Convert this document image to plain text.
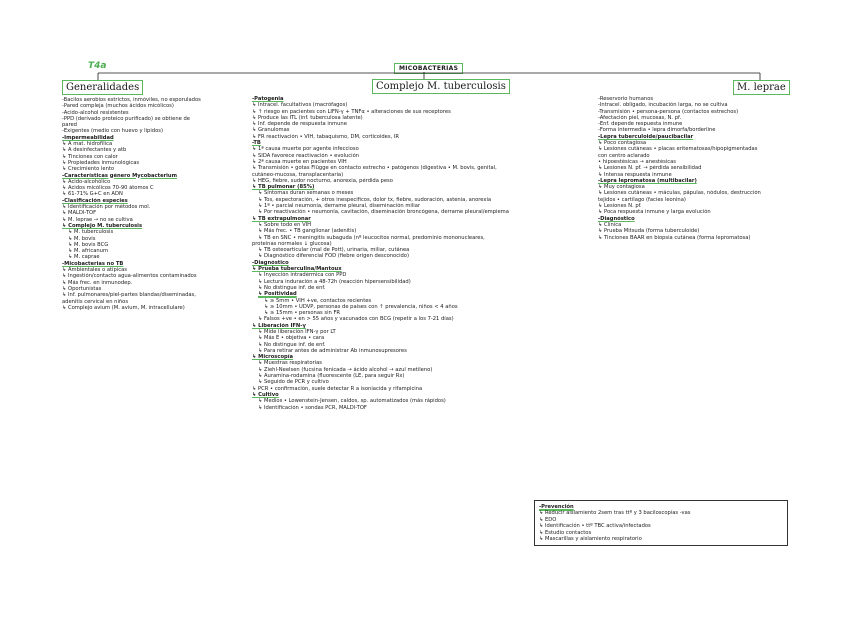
T4a	MICOBACTERIAS
Generalidades	Complejo M. tuberculosis	M. leprae
-Bacilos aerobios estrictos, inmóviles, no esporulados
-Pared compleja (muchos ácidos micólicos)
-Ácido-alcohol resistentes
-PPD (derivado proteico purificado) se obtiene de
pared
-Exigentes (medio con huevo y lípidos)
-Impermeabilidad
↳ A mat. hidrofílica
↳ A desinfectantes y atb
↳ Tinciones con calor
↳ Propiedades inmunológicas
↳ Crecimiento lento
-Características género Mycobacterium
↳ Ácido-alcohólico
↳ Ácidos micólicos 70-90 átomos C
↳ 61-71% G+C en ADN
-Clasificación especies
↳ Identificación por métodos mol.
↳ MALDI-TOF
↳ M. leprae → no se cultiva
↳ Complejo M. tuberculosis
↳ M. tuberculosis
↳ M. bovis
↳ M. bovis BCG
↳ M. africanum
↳ M. caprae
-Micobacterias no TB
↳ Ambientales o atípicas
↳ Ingestión/contacto agua-alimentos contaminados
↳ Más frec. en inmunodep.
↳ Oportunistas
↳ Inf. pulmonares/piel-partes blandas/diseminadas,
adenitis cervical en niños
↳ Complejo avium (M. avium, M. intracellulare)
-Patogenia
↳ Intracel. facultativos (macrófagos)
↳ ↑ riesgo en pacientes con LIFN-γ + TNFα • alteraciones de sus receptores
↳ Produce las ITL (inf. tuberculosa latente)
↳ Inf. depende de respuesta inmune
↳ Granulomas
↳ FR reactivación • VIH, tabaquismo, DM, corticoides, IR
-TB
↳ 1ª causa muerte por agente infeccioso
↳ SIDA favorece reactivación • evolución
↳ 2ª causa muerte en pacientes VIH
↳ Transmisión • gotas Flügge en contacto estrecho • patógenos (digestiva • M. bovis, genital,
cutáneo-mucosa, transplacentaria)
↳ HEG, fiebre, sudor nocturno, anorexia, pérdida peso
↳ TB pulmonar (85%)
↳ Síntomas duran semanas o meses
↳ Tos, expectoración, + otros inespecíficos, dolor tx, fiebre, sudoración, astenia, anorexia
↳ 1ª • parcial neumonía, derrame pleural, diseminación miliar
↳ Por reactivación • neumonía, cavitación, diseminación broncógena, derrame pleural/empiema
↳ TB extrapulmonar
↳ Sobre todo en VIH
↳ Más frec. • TB ganglionar (adenitis)
↳ TB en SNC • meningitis subaguda (nº leucocitos normal, predominio mononucleares,
proteínas normales ↓ glucosa)
↳ TB osteoarticular (mal de Pott), urinaria, miliar, cutánea
↳ Diagnóstico diferencial FOD (fiebre origen desconocido)
-Diagnóstico
↳ Prueba tuberculina/Mantoux
↳ Inyección intradérmica con PPD
↳ Lectura induración a 48-72h (reacción hipersensibilidad)
↳ No distingue inf. de enf.
↳ Positividad
↳ ≥ 5mm • VIH +ve, contactos recientes
↳ ≥ 10mm • UDVP, personas de países con ↑ prevalencia, niños < 4 años
↳ ≥ 15mm • personas sin FR
↳ Falsos +ve • en > 55 años y vacunados con BCG (repetir a los 7-21 días)
↳ Liberación IFN-γ
↳ Mide liberación IFN-γ por LT
↳ Más E • objetiva • cara
↳ No distingue inf. de enf.
↳ Para retirar antes de administrar Ab inmunosupresores
↳ Microscopía
↳ Muestras respiratorias
↳ Ziehl-Neelsen (fucsina fenicada → ácido alcohol → azul metileno)
↳ Auramina-rodamina (fluorescente (LE, para seguir Rx)
↳ Seguido de PCR y cultivo
↳ PCR • confirmación, suele detectar R a isoniacida y rifampicina
↳ Cultivo
↳ Medios • Lowenstein-Jensen, caldos, sp. automatizados (más rápidos)
↳ Identificación • sondas PCR, MALDI-TOF
-Reservorio humanos
-Intracel. obligado, incubación larga, no se cultiva
-Transmisión • persona-persona (contactos estrechos)
-Afectación piel, mucosas, N. pf.
-Enf. depende respuesta inmune
-Forma intermedia • lepra dimorfa/borderline
-Lepra tuberculoide/paucibacilar
↳ Poco contagiosa
↳ Lesiones cutáneas • placas eritematosas/hipopigmentadas
con centro aclarado
• hipoestésicas → anestésicas
↳ Lesiones N. pf. → pérdida sensibilidad
↳ Intensa respuesta inmune
-Lepra lepromatosa (multibacilar)
↳ Muy contagiosa
↳ Lesiones cutáneas • máculas, pápulas, nódulos, destrucción
tejidos • cartílago (facies leonina)
↳ Lesiones N. pf.
↳ Poca respuesta inmune y larga evolución
-Diagnóstico
↳ Clínica
↳ Prueba Mitsuda (forma tuberculoide)
↳ Tinciones BAAR en biopsia cutánea (forma lepromatosa)
-Prevención
↳ Reducir aislamiento 2sem tras ttº y 3 baciloscopias -vas
↳ EDO
↳ Identificación • ttº TBC activa/infectados
↳ Estudio contactos
↳ Mascarillas y aislamiento respiratorio
